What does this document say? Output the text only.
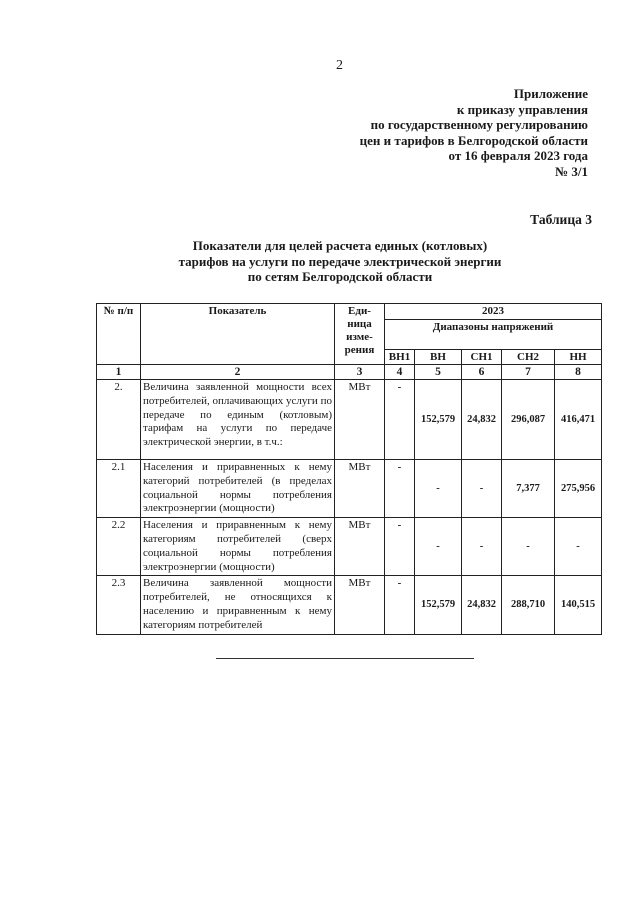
2
Приложение
к приказу управления
по государственному регулированию
цен и тарифов в Белгородской области
от 16 февраля 2023 года
№ 3/1
Таблица 3
Показатели для целей расчета единых (котловых)
тарифов на услуги по передаче электрической энергии
по сетям Белгородской области
№ п/п	Показатель	Еди-ница изме-рения	2023				
			Диапазоны напряжений				
			ВН1	ВН	СН1	СН2	НН
1	2	3	4	5	6	7	8
2.	Величина заявленной мощности всех потребителей, оплачивающих услуги по передаче по единым (котловым) тарифам на услуги по передаче электрической энергии, в т.ч.:	МВт	-	152,579	24,832	296,087	416,471
2.1	Населения и приравненных к нему категорий потребителей (в пределах социальной нормы потребления электроэнергии (мощности)	МВт	-	-	-	7,377	275,956
2.2	Населения и приравненным к нему категориям потребителей (сверх социальной нормы потребления электроэнергии (мощности)	МВт	-	-	-	-	-
2.3	Величина заявленной мощности потребителей, не относящихся к населению и приравненным к нему категориям потребителей	МВт	-	152,579	24,832	288,710	140,515
